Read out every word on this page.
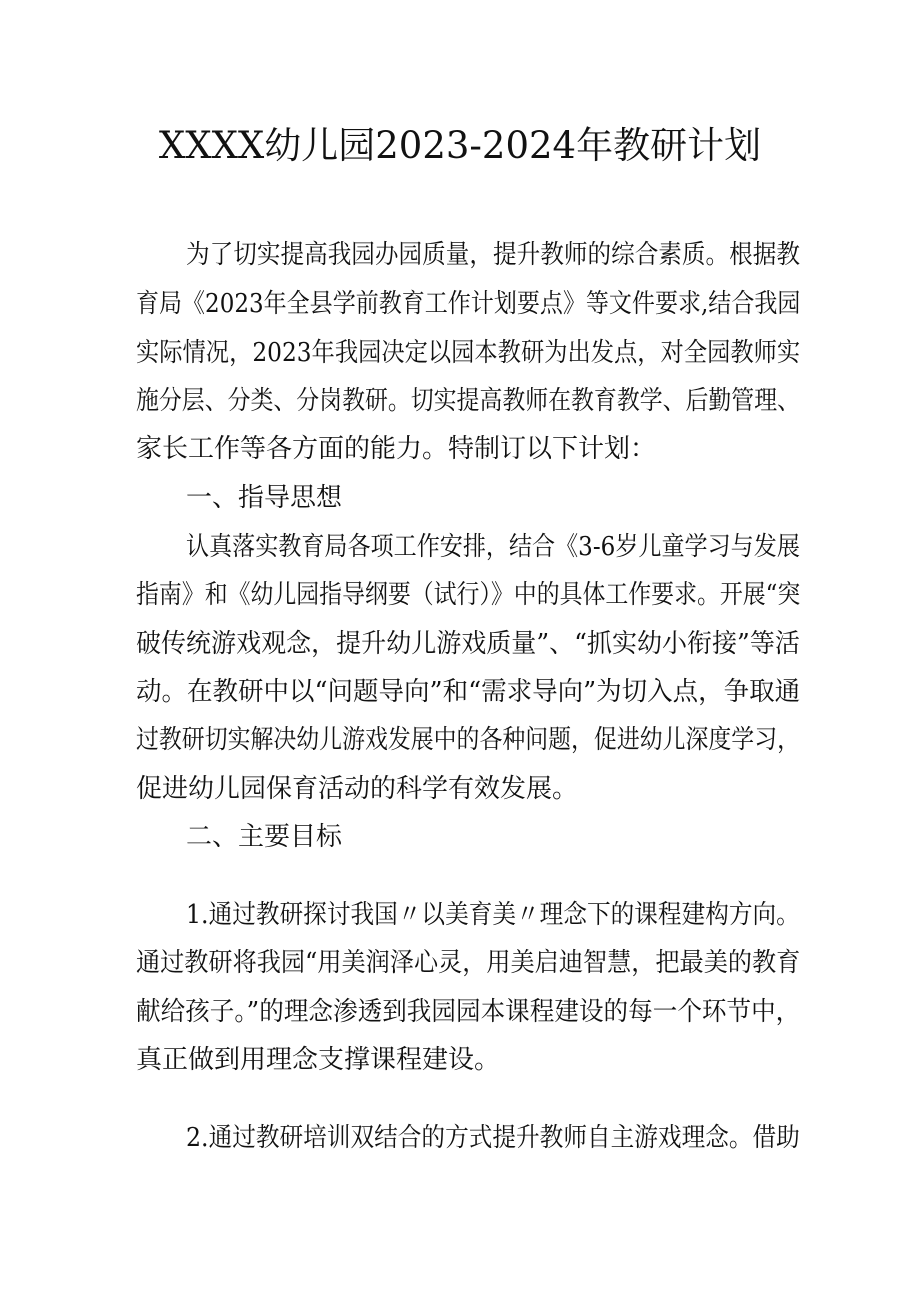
XXXX幼儿园2023-2024年教研计划
为了切实提高我园办园质量，提升教师的综合素质。根据教
育局《2023年全县学前教育工作计划要点》等文件要求,结合我园
实际情况，2023年我园决定以园本教研为出发点，对全园教师实
施分层、分类、分岗教研。切实提高教师在教育教学、后勤管理、
家长工作等各方面的能力。特制订以下计划：
一、指导思想
认真落实教育局各项工作安排，结合《3-6岁儿童学习与发展
指南》和《幼儿园指导纲要（试行）》中的具体工作要求。开展“突
破传统游戏观念，提升幼儿游戏质量”、“抓实幼小衔接”等活
动。在教研中以“问题导向”和“需求导向”为切入点，争取通
过教研切实解决幼儿游戏发展中的各种问题，促进幼儿深度学习，
促进幼儿园保育活动的科学有效发展。
二、主要目标
1.通过教研探讨我国〃以美育美〃理念下的课程建构方向。
通过教研将我园“用美润泽心灵，用美启迪智慧，把最美的教育
献给孩子。”的理念渗透到我园园本课程建设的每一个环节中，
真正做到用理念支撑课程建设。
2.通过教研培训双结合的方式提升教师自主游戏理念。借助
